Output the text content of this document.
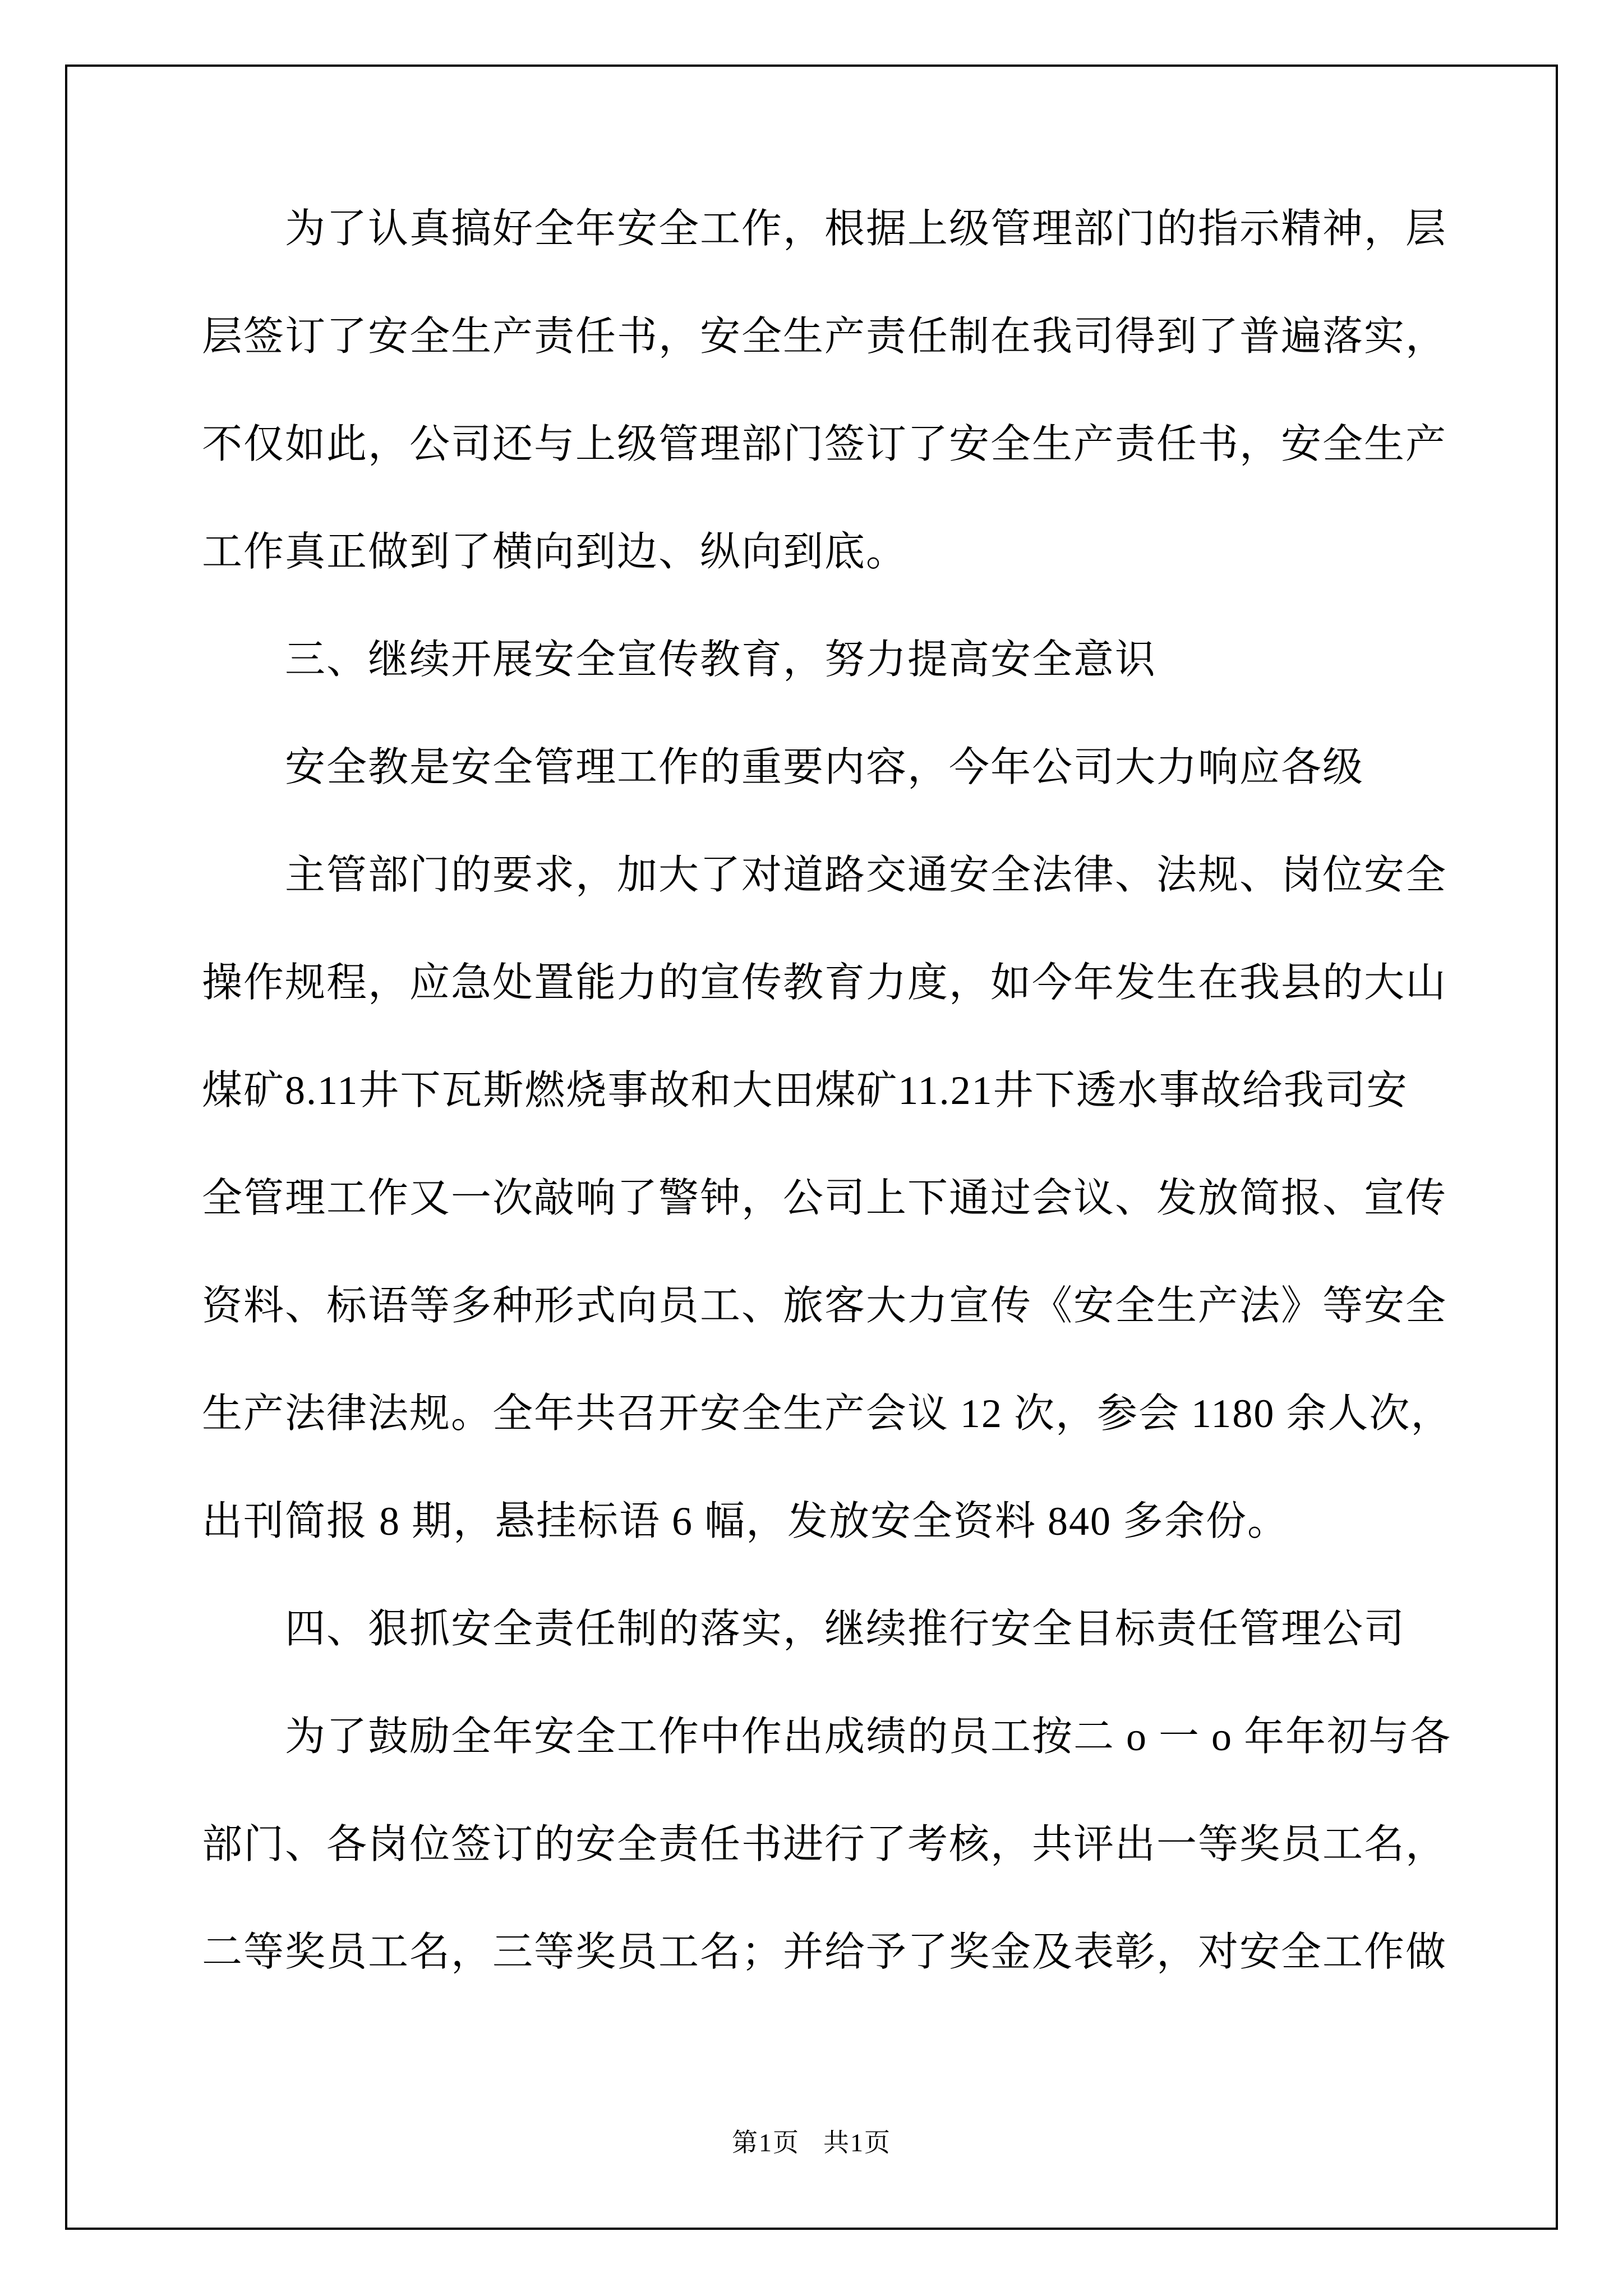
为了认真搞好全年安全工作，根据上级管理部门的指示精神，层
层签订了安全生产责任书，安全生产责任制在我司得到了普遍落实，
不仅如此，公司还与上级管理部门签订了安全生产责任书，安全生产
工作真正做到了横向到边、纵向到底。
三、继续开展安全宣传教育，努力提高安全意识
安全教是安全管理工作的重要内容，今年公司大力响应各级
主管部门的要求，加大了对道路交通安全法律、法规、岗位安全
操作规程，应急处置能力的宣传教育力度，如今年发生在我县的大山
煤矿8.11井下瓦斯燃烧事故和大田煤矿11.21井下透水事故给我司安
全管理工作又一次敲响了警钟，公司上下通过会议、发放简报、宣传
资料、标语等多种形式向员工、旅客大力宣传《安全生产法》等安全
生产法律法规。全年共召开安全生产会议 12 次，参会 1180 余人次，
出刊简报 8 期，悬挂标语 6 幅，发放安全资料 840 多余份。
四、狠抓安全责任制的落实，继续推行安全目标责任管理公司
为了鼓励全年安全工作中作出成绩的员工按二 o 一 o 年年初与各
部门、各岗位签订的安全责任书进行了考核，共评出一等奖员工名，
二等奖员工名，三等奖员工名；并给予了奖金及表彰，对安全工作做
第1页 共1页
